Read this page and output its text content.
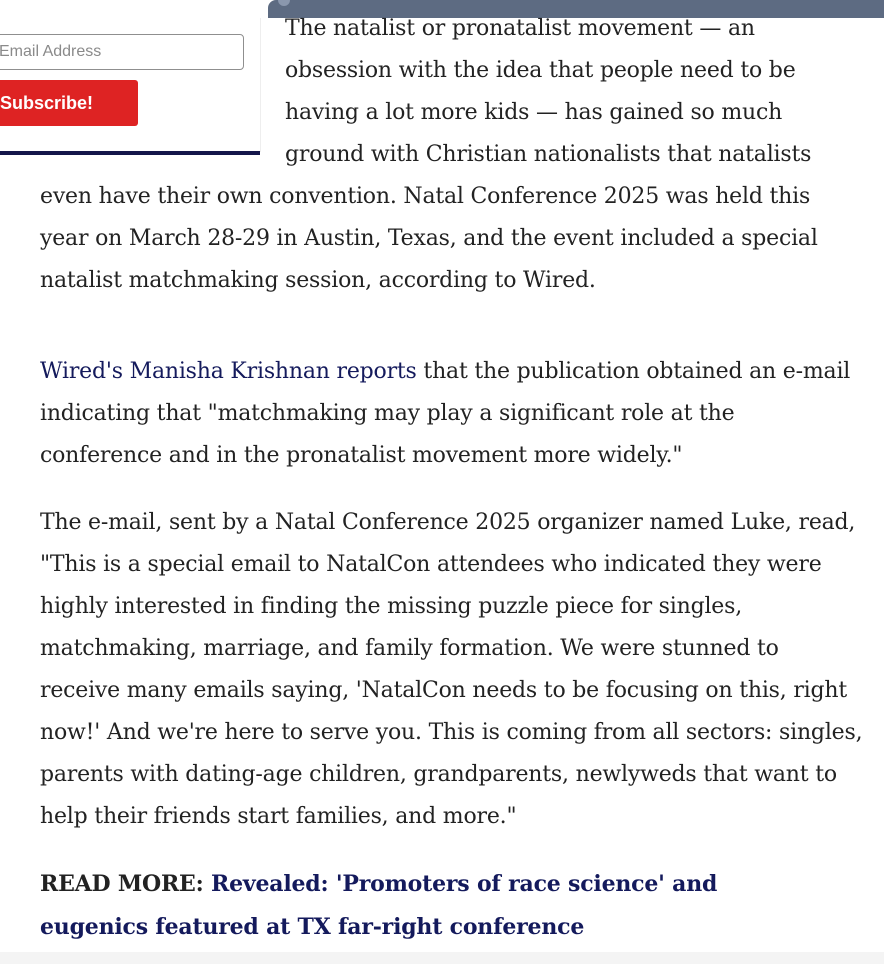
Email Address
Subscribe!

The natalist or pronatalist movement — an
obsession with the idea that people need to be
having a lot more kids — has gained so much
ground with Christian nationalists that natalists
even have their own convention. Natal Conference 2025 was held this
year on March 28-29 in Austin, Texas, and the event included a special
natalist matchmaking session, according to Wired.

Wired's Manisha Krishnan reports that the publication obtained an e-mail
indicating that "matchmaking may play a significant role at the
conference and in the pronatalist movement more widely."

The e-mail, sent by a Natal Conference 2025 organizer named Luke, read,
"This is a special email to NatalCon attendees who indicated they were
highly interested in finding the missing puzzle piece for singles,
matchmaking, marriage, and family formation. We were stunned to
receive many emails saying, 'NatalCon needs to be focusing on this, right
now!' And we're here to serve you. This is coming from all sectors: singles,
parents with dating-age children, grandparents, newlyweds that want to
help their friends start families, and more."

READ MORE: Revealed: 'Promoters of race science' and
eugenics featured at TX far-right conference
